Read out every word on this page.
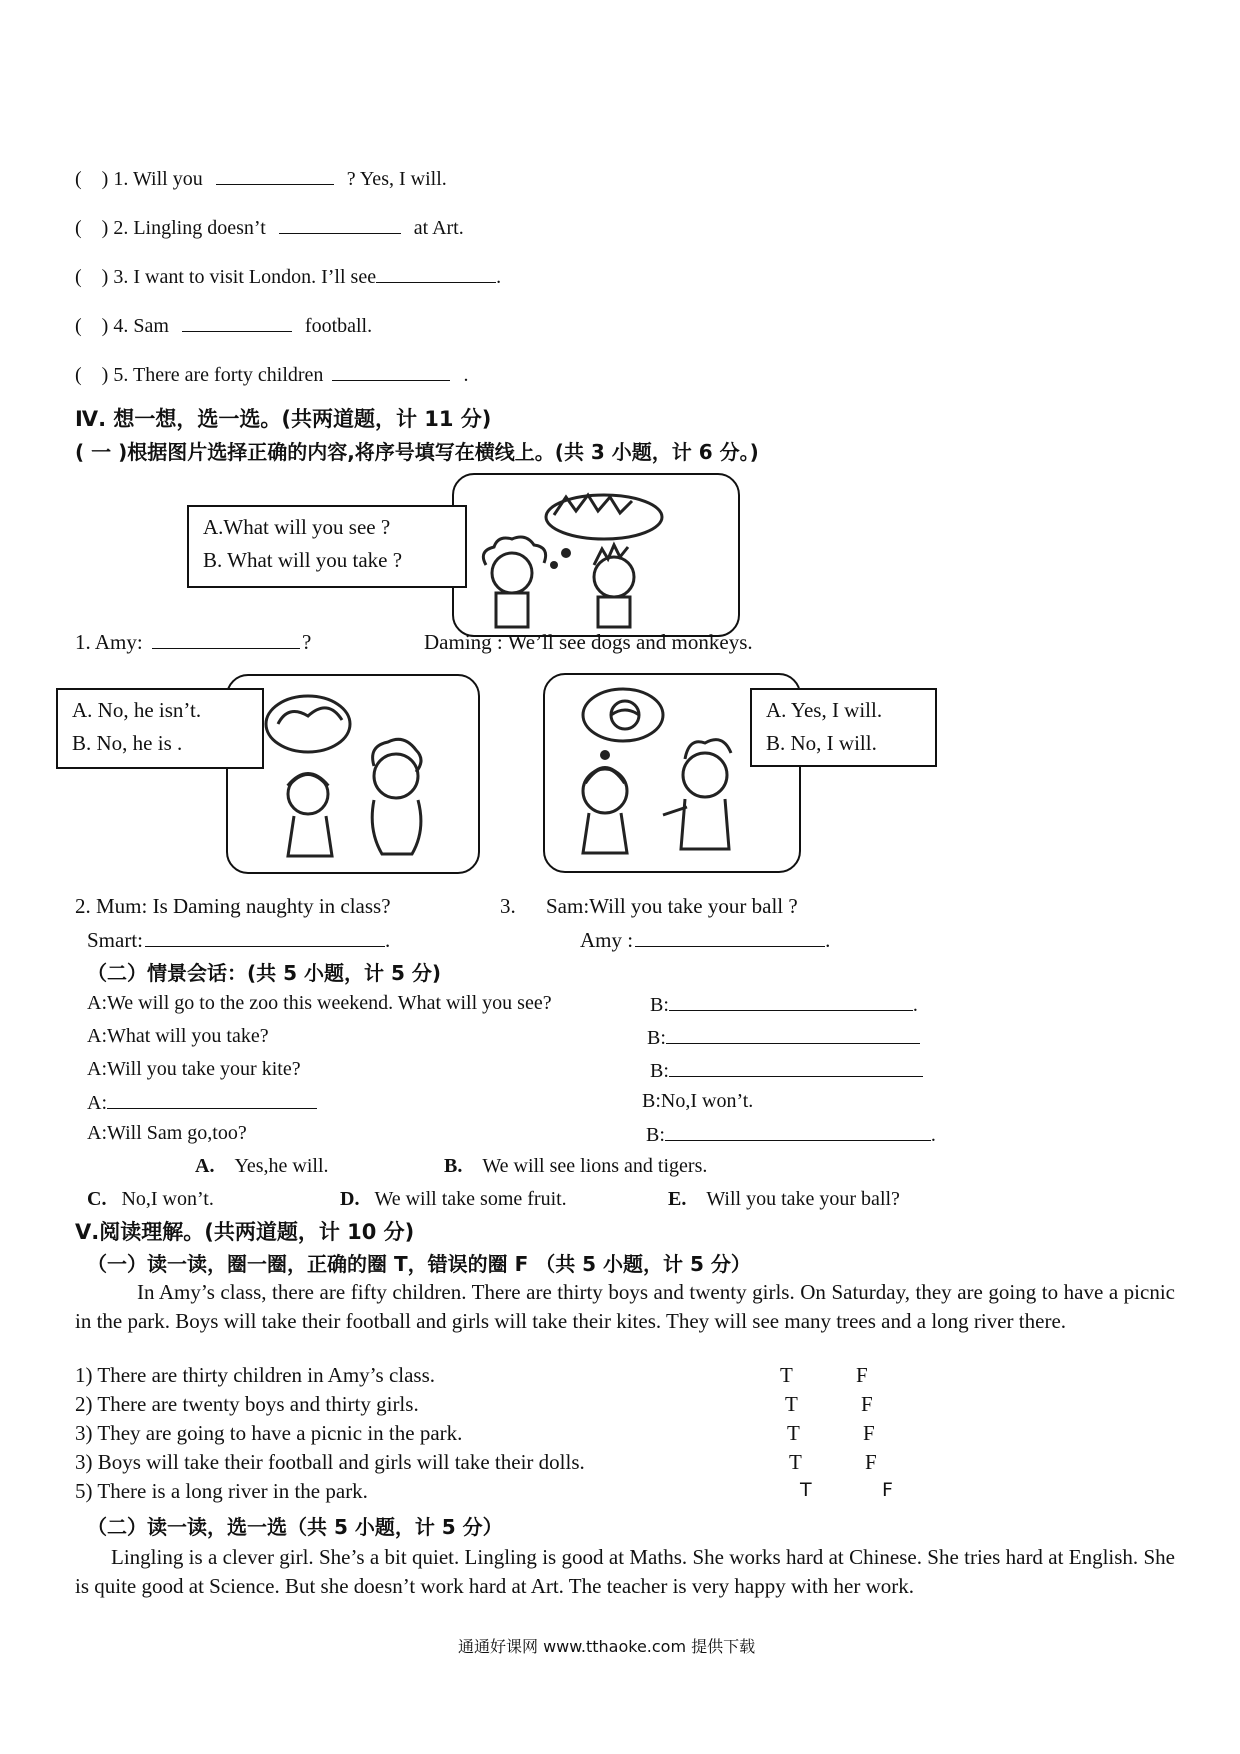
( ) 1. Will you	? Yes, I will.
( ) 2. Lingling doesn’t	at Art.
( ) 3. I want to visit London. I’ll see	.
( ) 4. Sam	football.
( ) 5. There are forty children	.
Ⅳ. 想一想，选一选。(共两道题，计 11 分)
( 一 )根据图片选择正确的内容,将序号填写在横线上。(共 3 小题，计 6 分。)
A.What will you see ?
B. What will you take ?
1. Amy:	?	Daming : We’ll see dogs and monkeys.
A. No, he isn’t.
B. No, he is .
A. Yes, I will.
B. No, I will.
2. Mum: Is Daming naughty in class?
Smart:	.
3. Sam:Will you take your ball ?
Amy :	.
（二）情景会话：(共 5 小题，计 5 分)
A:We will go to the zoo this weekend. What will you see?	B:	.
A:What will you take?	B:
A:Will you take your kite?	B:
A:	B:No,I won’t.
A:Will Sam go,too?	B:	.
A. Yes,he will.	B. We will see lions and tigers.
C. No,I won’t.	D. We will take some fruit.	E. Will you take your ball?
Ⅴ.阅读理解。(共两道题，计 10 分)
（一）读一读，圈一圈，正确的圈 T，错误的圈 F （共 5 小题，计 5 分）
In Amy’s class, there are fifty children. There are thirty boys and twenty girls. On Saturday, they are going to have a picnic in the park. Boys will take their football and girls will take their kites. They will see many trees and a long river there.
1) There are thirty children in Amy’s class.	T	F
2) There are twenty boys and thirty girls.	T	F
3) They are going to have a picnic in the park.	T	F
3) Boys will take their football and girls will take their dolls.	T	F
5) There is a long river in the park.	T	F
（二）读一读，选一选（共 5 小题，计 5 分）
Lingling is a clever girl. She’s a bit quiet. Lingling is good at Maths. She works hard at Chinese. She tries hard at English. She is quite good at Science. But she doesn’t work hard at Art. The teacher is very happy with her work.
通通好课网 www.tthaoke.com 提供下载
